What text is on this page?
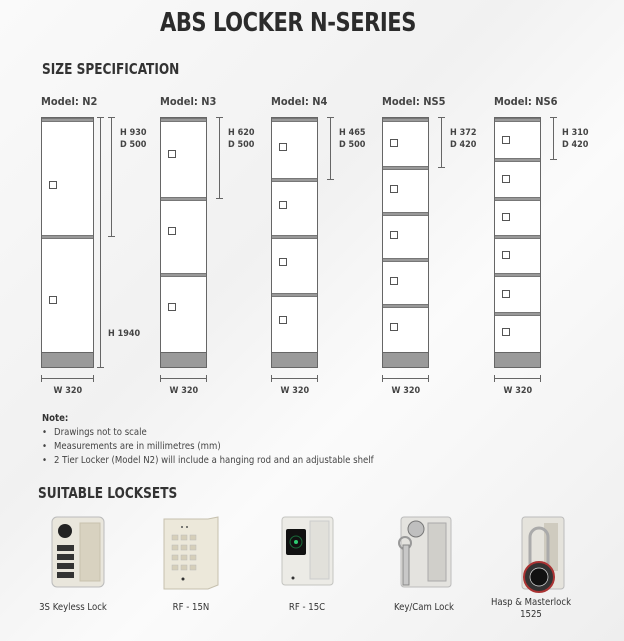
ABS LOCKER N-SERIES
SIZE SPECIFICATION
Model: N2
H 930
D 500
H 1940
W 320
Model: N3
H 620
D 500
W 320
Model: N4
H 465
D 500
W 320
Model: NS5
H 372
D 420
W 320
Model: NS6
H 310
D 420
W 320
Note:
• Drawings not to scale
• Measurements are in millimetres (mm)
• 2 Tier Locker (Model N2) will include a hanging rod and an adjustable shelf
SUITABLE LOCKSETS
3S Keyless Lock	RF - 15N	RF - 15C	Key/Cam Lock	Hasp & Masterlock 1525
